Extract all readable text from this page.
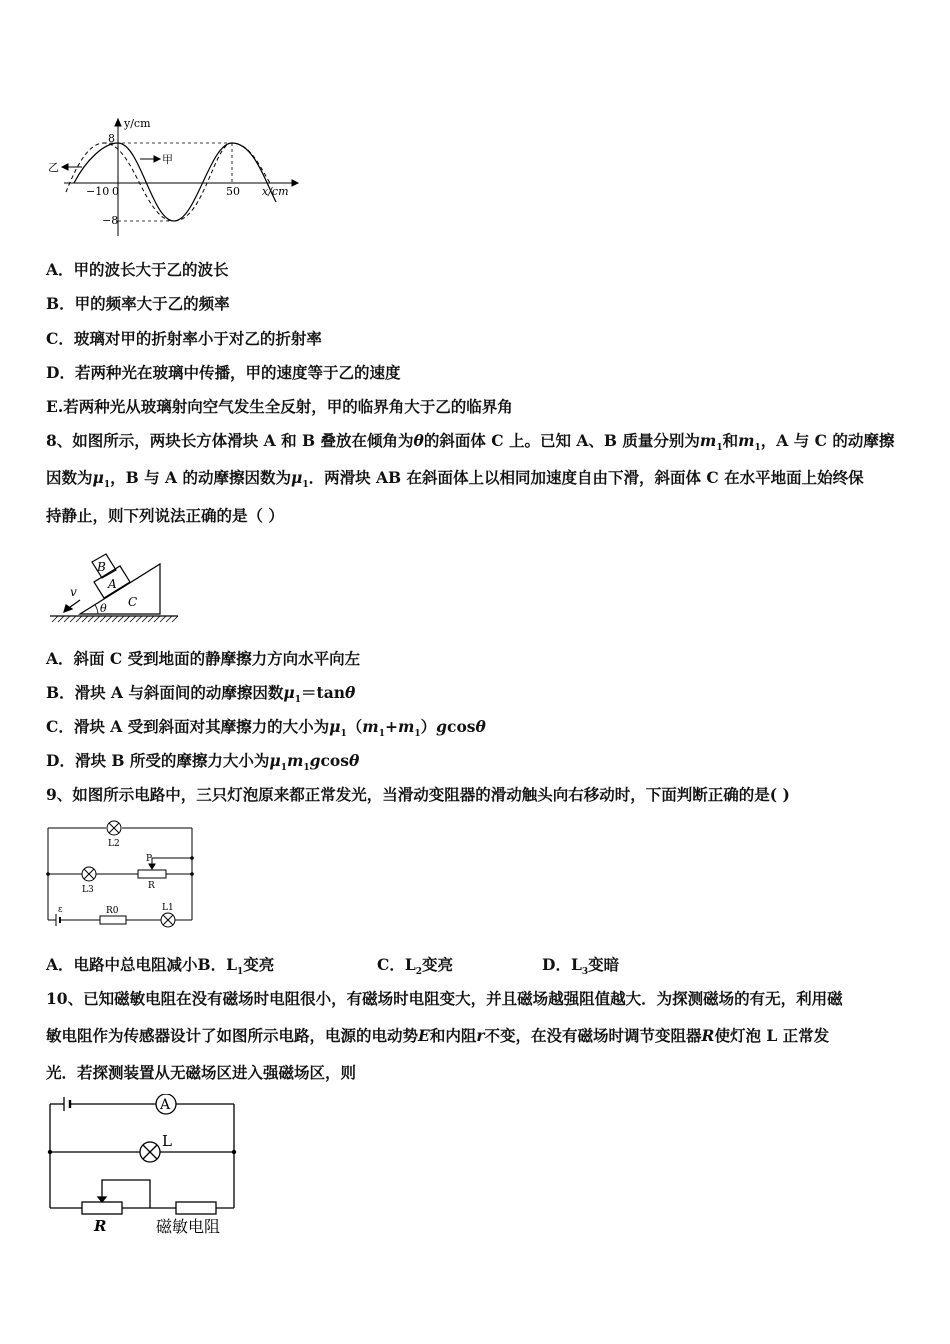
y/cm
8
−8
−10 0	50 x/cm
甲
乙
A．甲的波长大于乙的波长
B．甲的频率大于乙的频率
C．玻璃对甲的折射率小于对乙的折射率
D．若两种光在玻璃中传播，甲的速度等于乙的速度
E.若两种光从玻璃射向空气发生全反射，甲的临界角大于乙的临界角
8、如图所示，两块长方体滑块 A 和 B 叠放在倾角为θ的斜面体 C 上。已知 A、B 质量分别为$m_1$和$m_1$，A 与 C 的动摩擦
因数为$\mu_1$，B 与 A 的动摩擦因数为$\mu_1$．两滑块 AB 在斜面体上以相同加速度自由下滑，斜面体 C 在水平地面上始终保
持静止，则下列说法正确的是（ ）
B
A
C
v
θ
A．斜面 C 受到地面的静摩擦力方向水平向左
B．滑块 A 与斜面间的动摩擦因数$\mu_1=\tan\theta$
C．滑块 A 受到斜面对其摩擦力的大小为$\mu_1(m_1+m_1)gcos\theta$
D．滑块 B 所受的摩擦力大小为$\mu_1m_1gcos\theta$
9、如图所示电路中，三只灯泡原来都正常发光，当滑动变阻器的滑动触头向右移动时，下面判断正确的是( )
L2
P
L3	R
ε	R0	L1
A．电路中总电阻减小B．$L_1$变亮	C．$L_2$变亮	D．$L_3$变暗
10、已知磁敏电阻在没有磁场时电阻很小，有磁场时电阻变大，并且磁场越强阻值越大．为探测磁场的有无，利用磁
敏电阻作为传感器设计了如图所示电路，电源的电动势E和内阻r不变，在没有磁场时调节变阻器R使灯泡 L 正常发
光．若探测装置从无磁场区进入强磁场区，则
A
L
R	磁敏电阻
